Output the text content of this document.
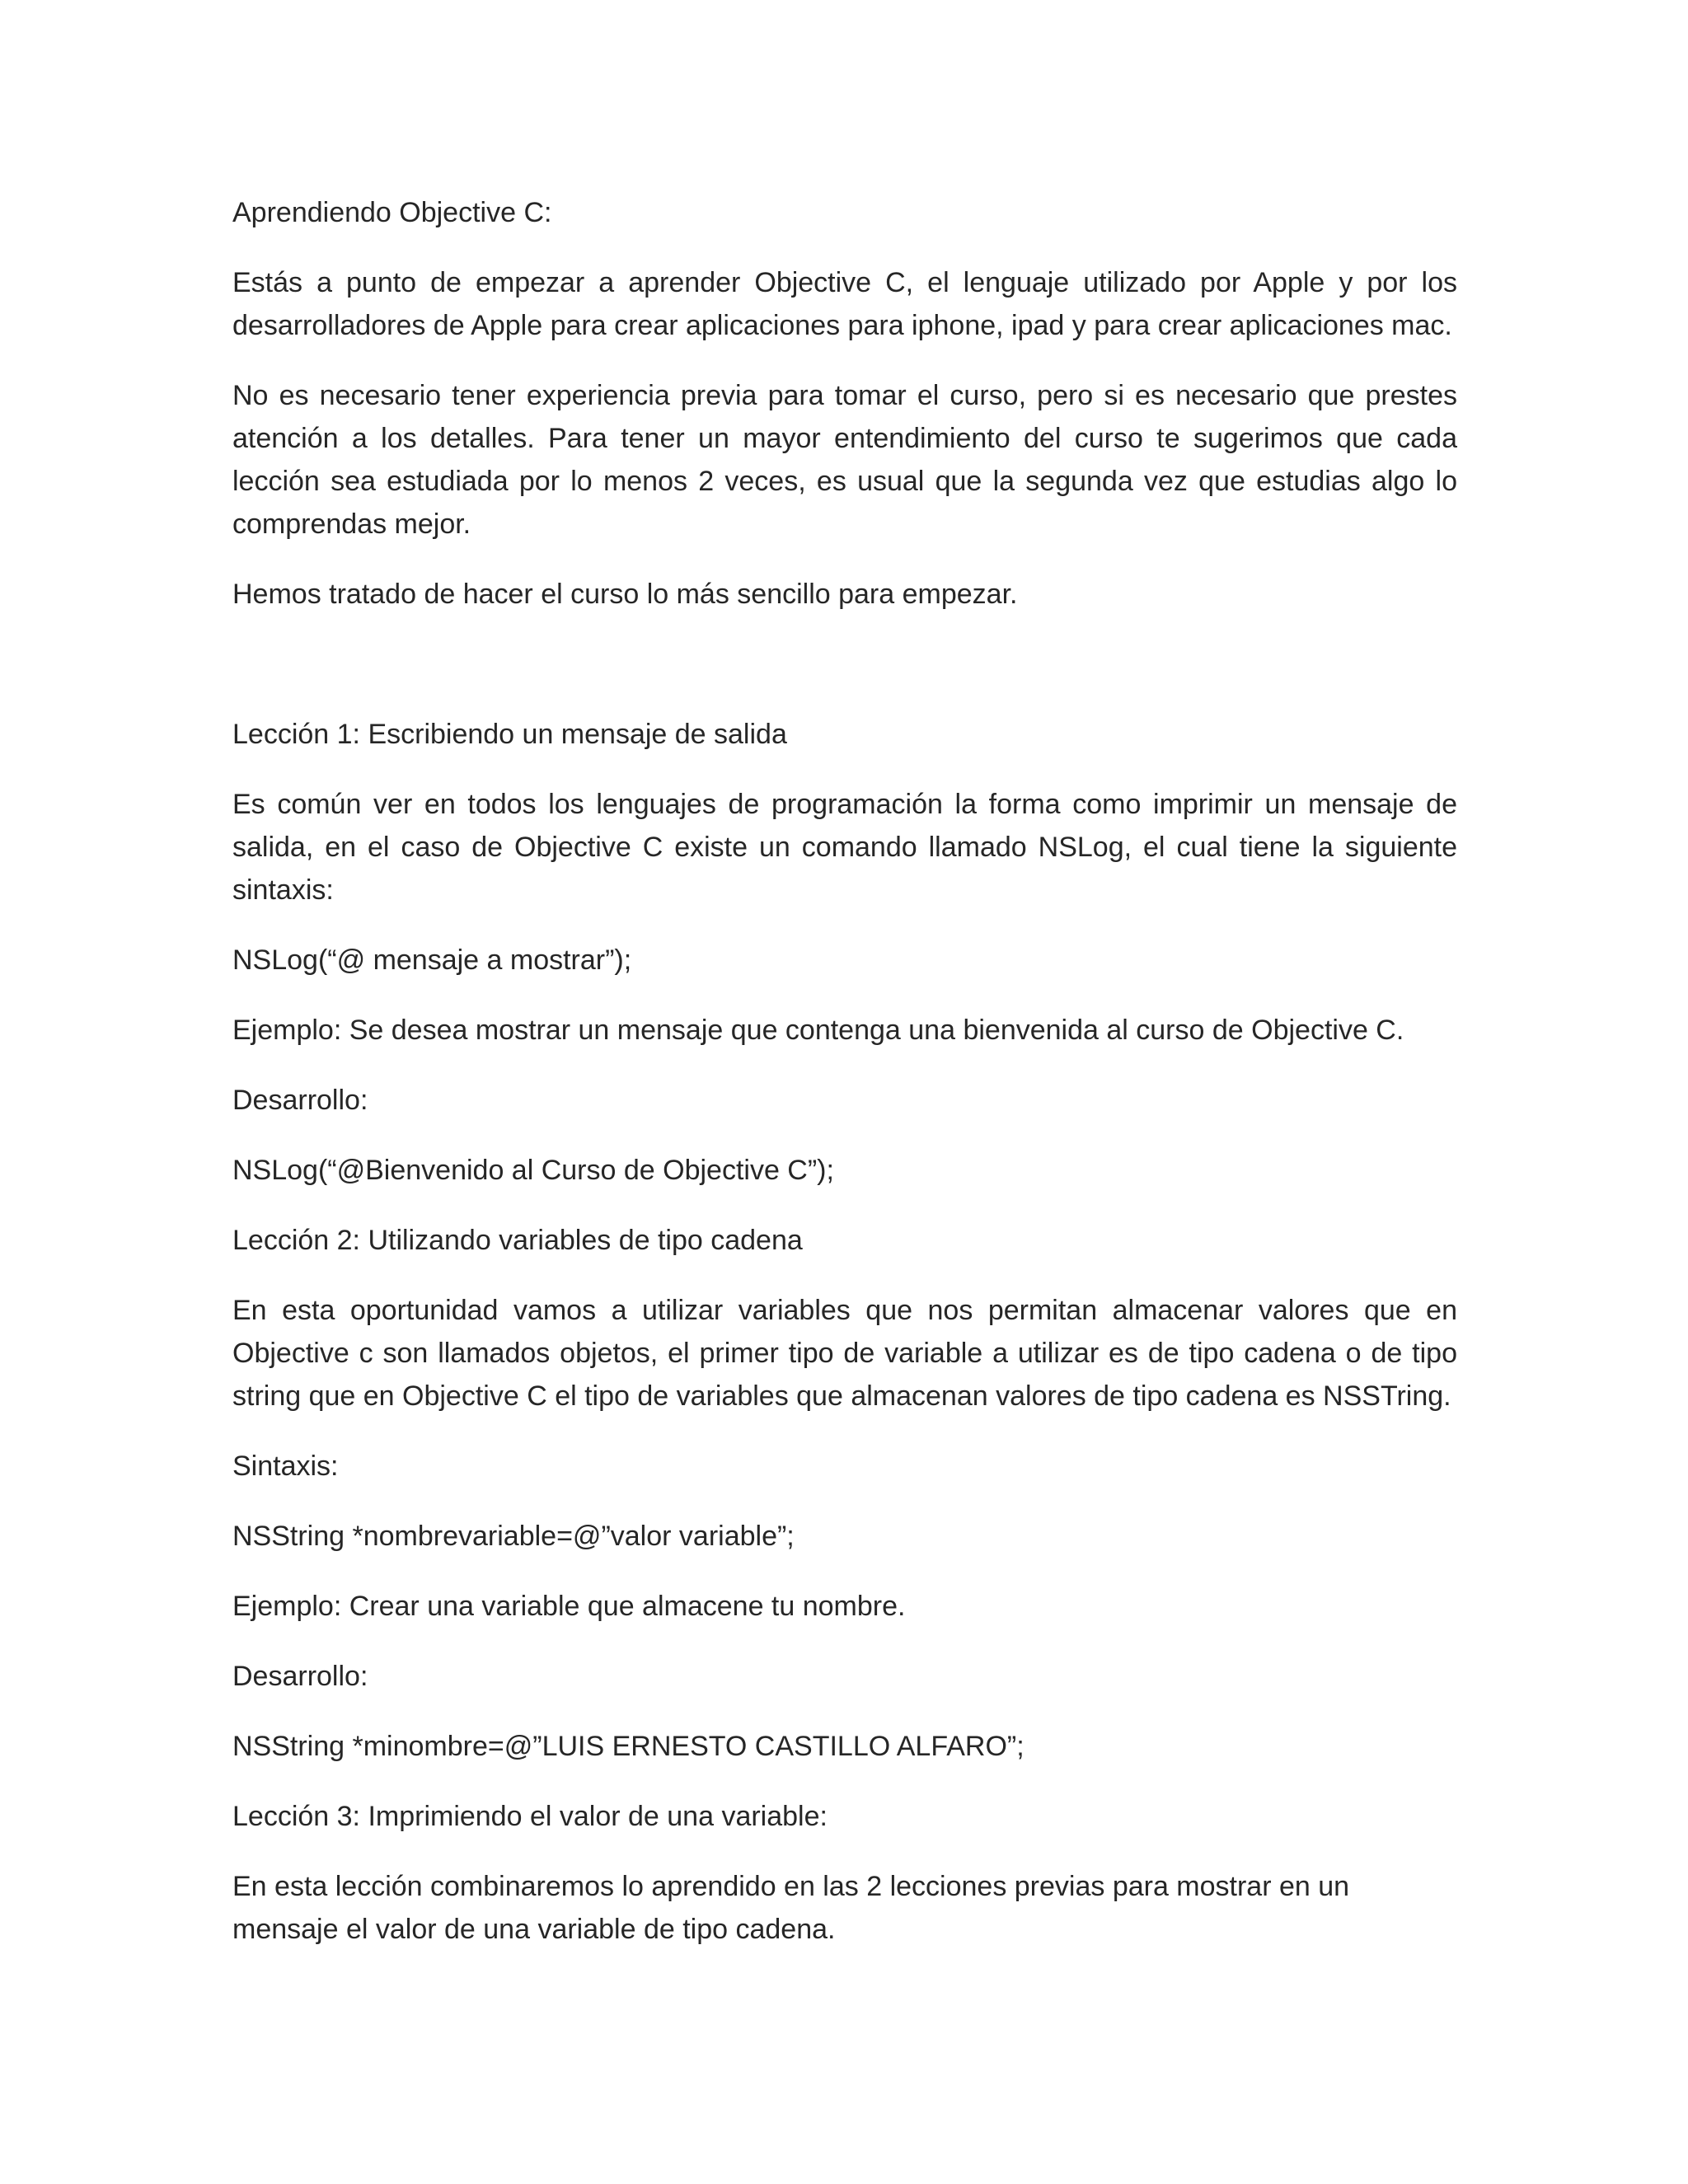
Aprendiendo Objective C:

Estás a punto de empezar a aprender Objective C, el lenguaje utilizado por Apple y por los desarrolladores de Apple para crear aplicaciones para iphone, ipad y para crear aplicaciones mac.

No es necesario tener experiencia previa para tomar el curso, pero si es necesario que prestes atención a los detalles. Para tener un mayor entendimiento del curso te sugerimos que cada lección sea estudiada por lo menos 2 veces, es usual que la segunda vez que estudias algo lo comprendas mejor.

Hemos tratado de hacer el curso lo más sencillo para empezar.

Lección 1: Escribiendo un mensaje de salida

Es común ver en todos los lenguajes de programación la forma como imprimir un mensaje de salida, en el caso de Objective C existe un comando llamado NSLog, el cual tiene la siguiente sintaxis:

NSLog(“@ mensaje a mostrar”);

Ejemplo: Se desea mostrar un mensaje que contenga una bienvenida al curso de Objective C.

Desarrollo:

NSLog(“@Bienvenido al Curso de Objective C”);

Lección 2: Utilizando variables de tipo cadena

En esta oportunidad vamos a utilizar variables que nos permitan almacenar valores que en Objective c son llamados objetos, el primer tipo de variable a utilizar es de tipo cadena o de tipo string que en Objective C el tipo de variables que almacenan valores de tipo cadena es NSSTring.

Sintaxis:

NSString *nombrevariable=@”valor variable”;

Ejemplo: Crear una variable que almacene tu nombre.

Desarrollo:

NSString *minombre=@”LUIS ERNESTO CASTILLO ALFARO”;

Lección 3: Imprimiendo el valor de una variable:

En esta lección combinaremos lo aprendido en las 2 lecciones previas para mostrar en un mensaje el valor de una variable de tipo cadena.
